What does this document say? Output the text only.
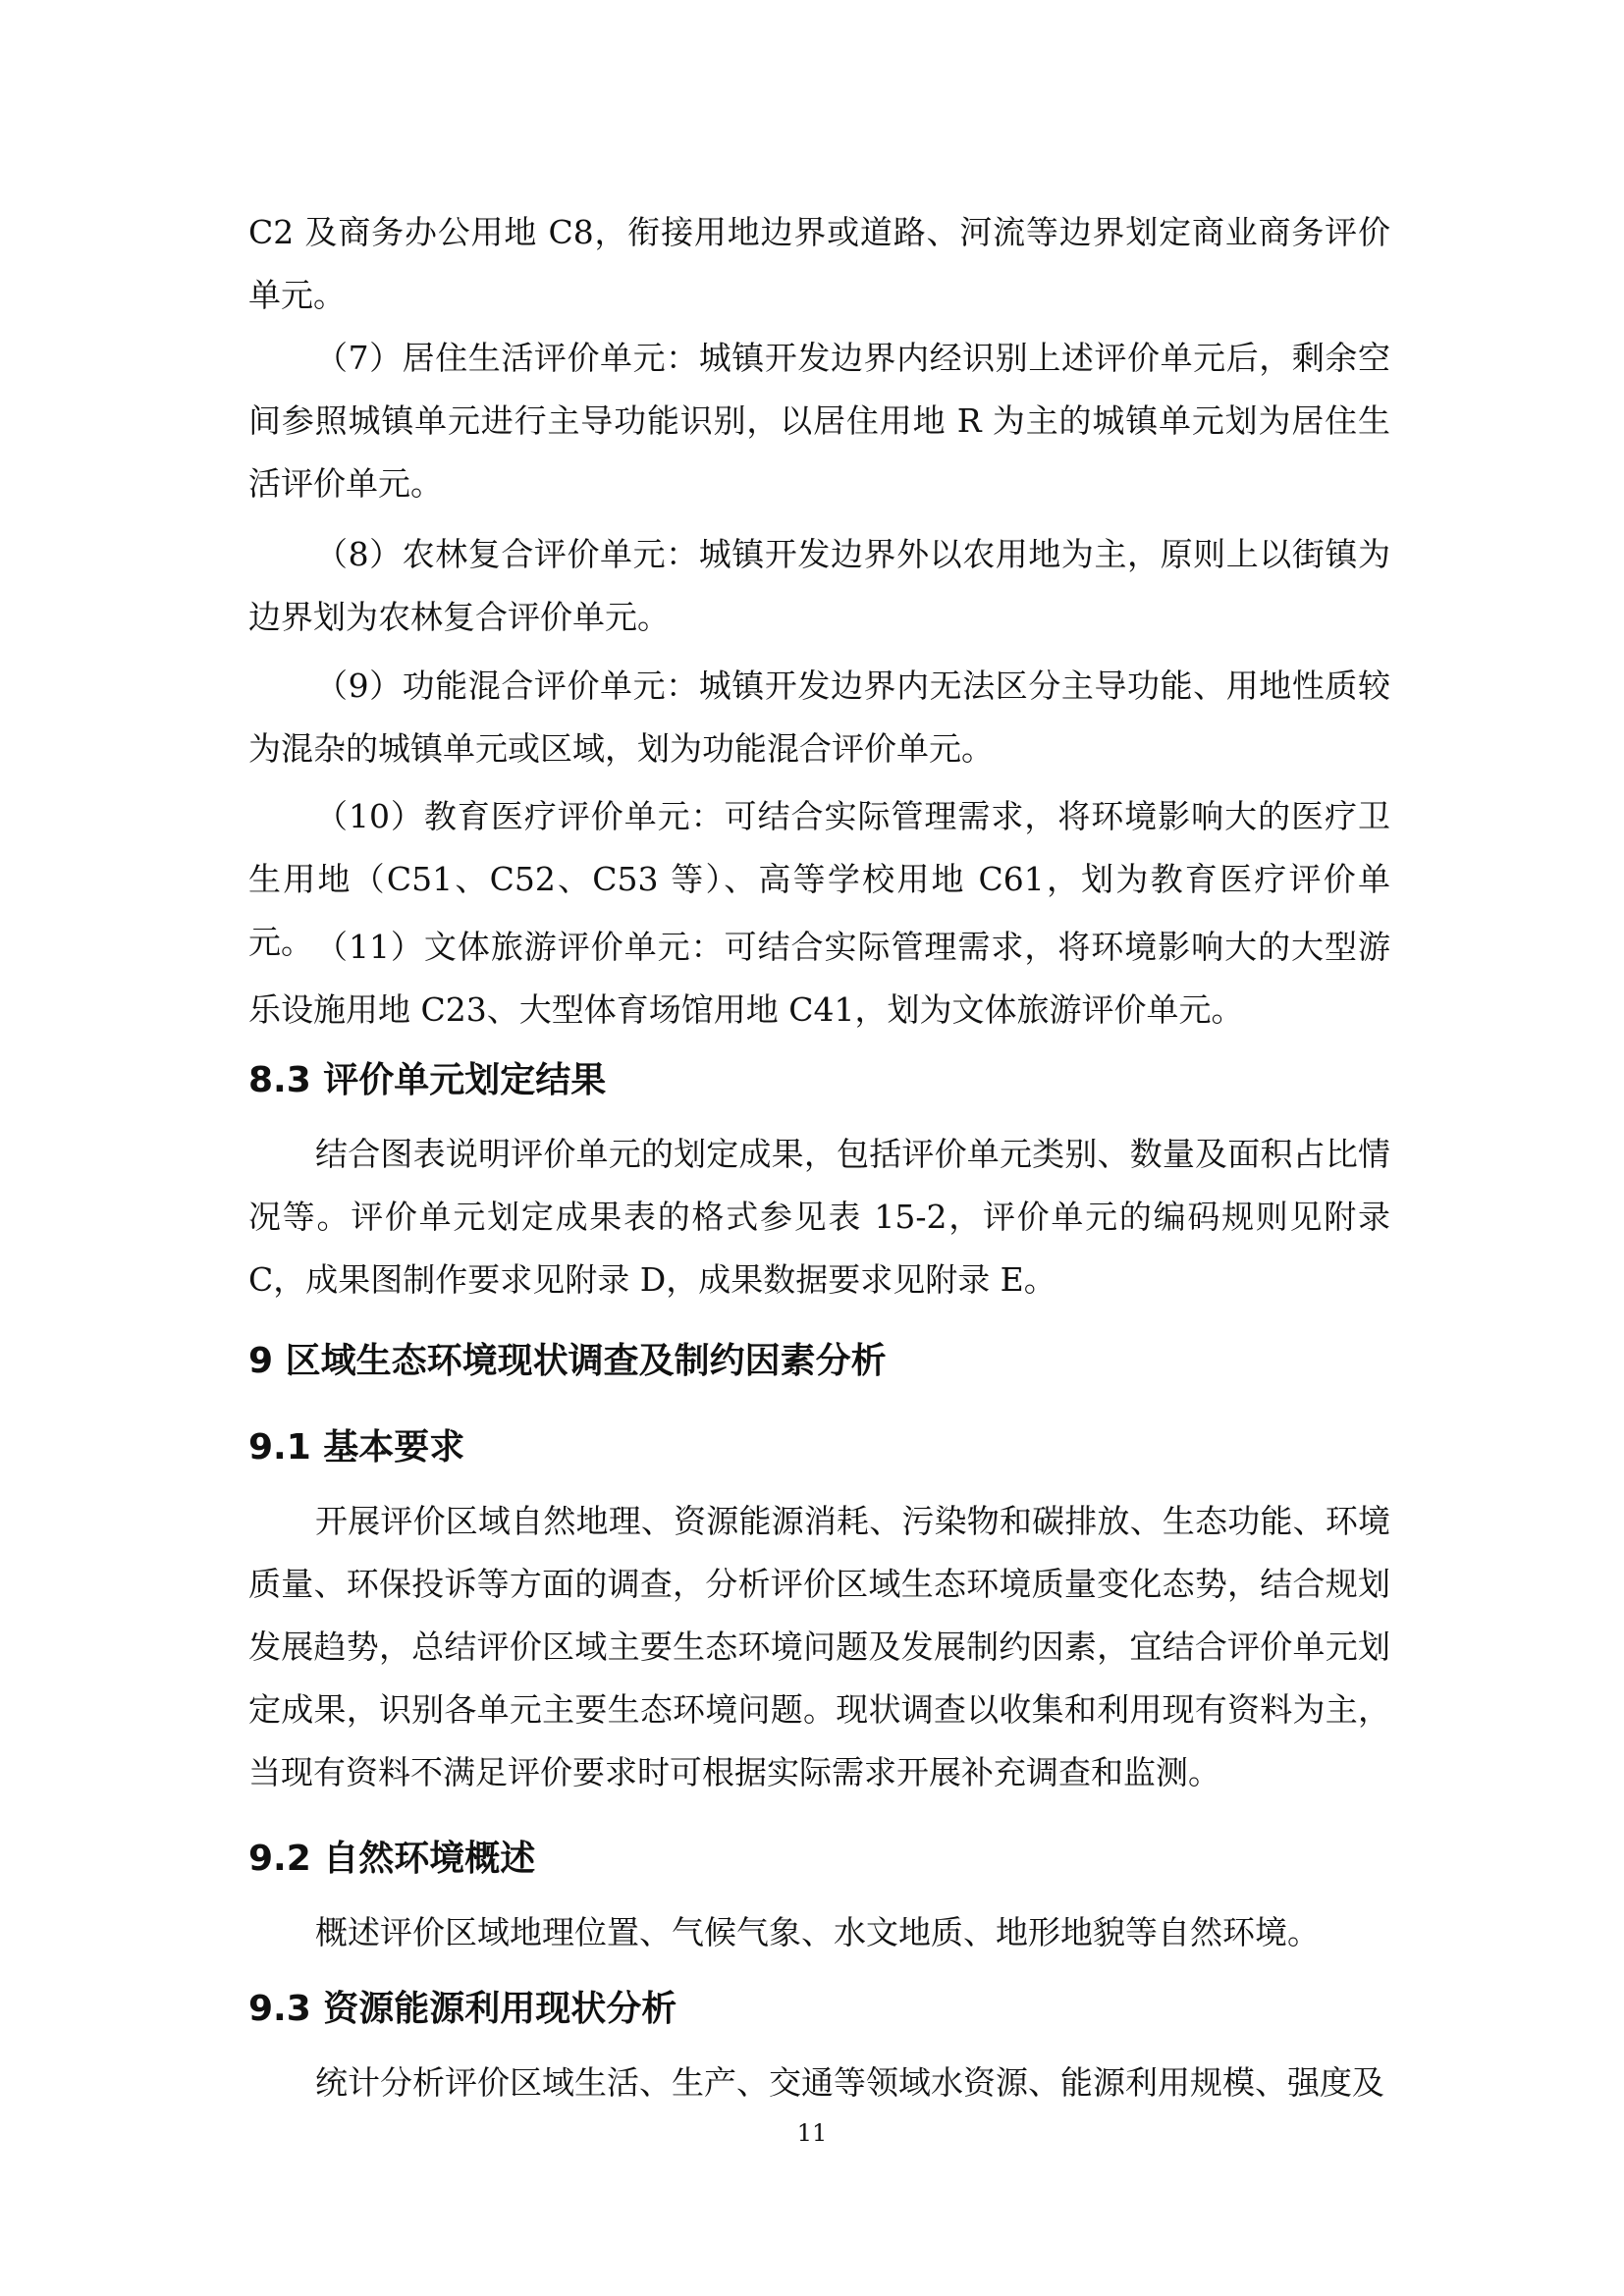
C2 及商务办公用地 C8，衔接用地边界或道路、河流等边界划定商业商务评价单元。

（7）居住生活评价单元：城镇开发边界内经识别上述评价单元后，剩余空间参照城镇单元进行主导功能识别，以居住用地 R 为主的城镇单元划为居住生活评价单元。

（8）农林复合评价单元：城镇开发边界外以农用地为主，原则上以街镇为边界划为农林复合评价单元。

（9）功能混合评价单元：城镇开发边界内无法区分主导功能、用地性质较为混杂的城镇单元或区域，划为功能混合评价单元。

（10）教育医疗评价单元：可结合实际管理需求，将环境影响大的医疗卫生用地（C51、C52、C53 等）、高等学校用地 C61，划为教育医疗评价单元。 （11）文体旅游评价单元：可结合实际管理需求，将环境影响大的大型游乐设施用地 C23、大型体育场馆用地 C41，划为文体旅游评价单元。

8.3 评价单元划定结果

结合图表说明评价单元的划定成果，包括评价单元类别、数量及面积占比情况等。评价单元划定成果表的格式参见表 15-2，评价单元的编码规则见附录 C，成果图制作要求见附录 D，成果数据要求见附录 E。

9 区域生态环境现状调查及制约因素分析
9.1 基本要求

开展评价区域自然地理、资源能源消耗、污染物和碳排放、生态功能、环境质量、环保投诉等方面的调查，分析评价区域生态环境质量变化态势，结合规划发展趋势，总结评价区域主要生态环境问题及发展制约因素，宜结合评价单元划定成果，识别各单元主要生态环境问题。现状调查以收集和利用现有资料为主，当现有资料不满足评价要求时可根据实际需求开展补充调查和监测。

9.2 自然环境概述

概述评价区域地理位置、气候气象、水文地质、地形地貌等自然环境。

9.3 资源能源利用现状分析

统计分析评价区域生活、生产、交通等领域水资源、能源利用规模、强度及

11
